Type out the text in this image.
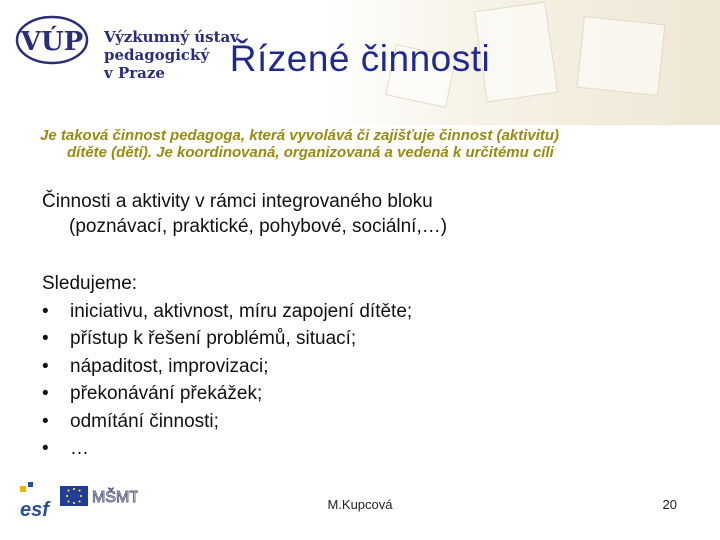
VÚP Výzkumný ústav
pedagogický
v Praze	Řízené činnosti
Je taková činnost pedagoga, která vyvolává či zajišťuje činnost (aktivitu)
dítěte (dětí). Je koordinovaná, organizovaná a vedená k určitému cíli
Činnosti a aktivity v rámci integrovaného bloku
(poznávací, praktické, pohybové, sociální,…)
Sledujeme:
• iniciativu, aktivnost, míru zapojení dítěte;
• přístup k řešení problémů, situací;
• nápaditost, improvizaci;
• překonávání překážek;
• odmítání činnosti;
• …
esf
MŠMT	M.Kupcová	20
